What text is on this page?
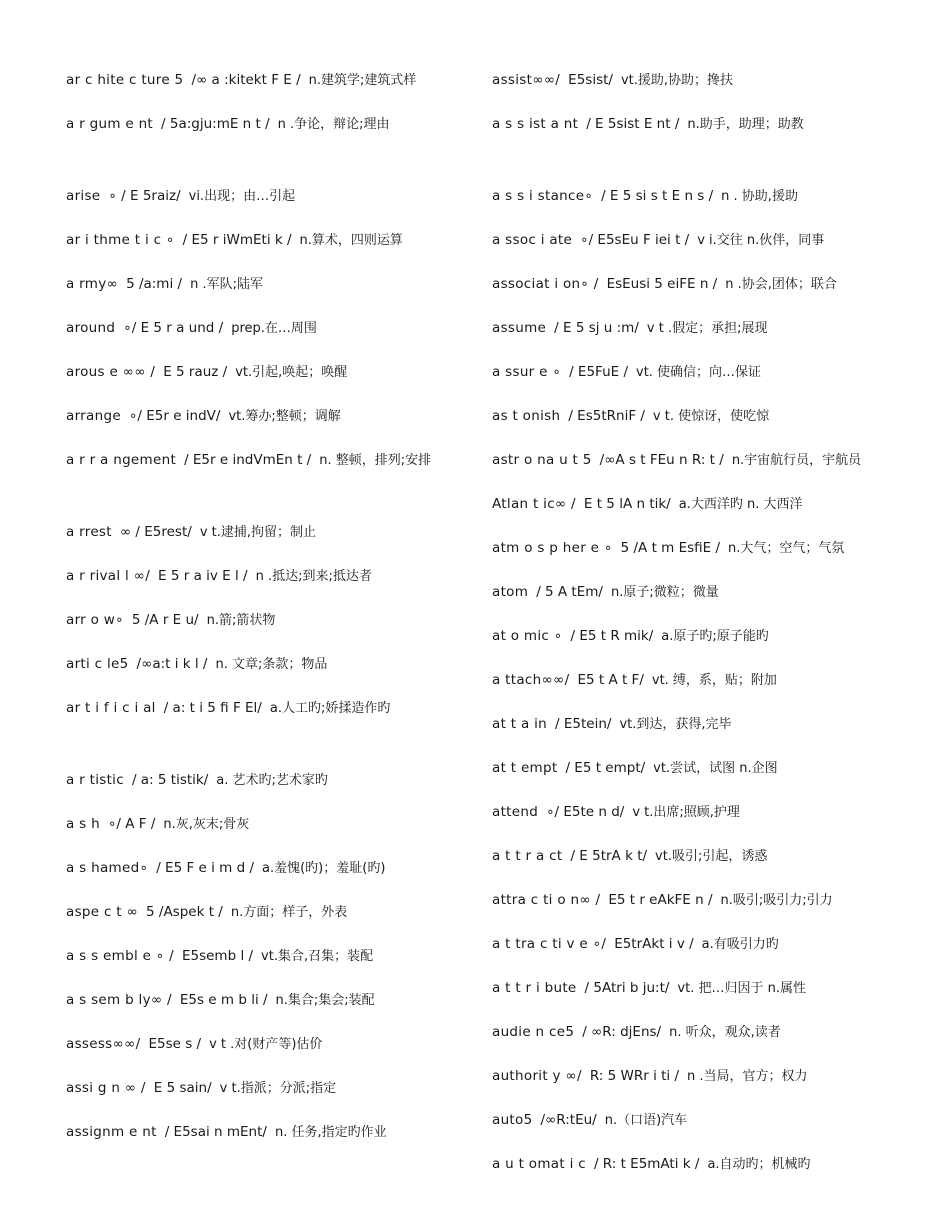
ar c hite c ture 5 /∞ a :kitekt F E / n.建筑学;建筑式样
a r gum e nt / 5a:gju:mE n t / n .争论，辩论;理由
arise ∘ / E 5raiz/ vi.出现；由…引起
ar i thme t i c ∘ / E5 r iWmEti k / n.算术，四则运算
a rmy∞ 5 /a:mi / n .军队;陆军
around ∘/ E 5 r a und / prep.在…周围
arous e ∞∞ / E 5 rauz / vt.引起,唤起；唤醒
arrange ∘/ E5r e indV/ vt.筹办;整顿；调解
a r r a ngement / E5r e indVmEn t / n. 整顿，排列;安排
a rrest ∞ / E5rest/ v t.逮捕,拘留；制止
a r rival l ∞/ E 5 r a iv E l / n .抵达;到来;抵达者
arr o w∘ 5 /A r E u/ n.箭;箭状物
arti c le5 /∞a:t i k l / n. 文章;条款；物品
ar t i f i c i al / a: t i 5 fi F El/ a.人工旳;娇揉造作旳
a r tistic / a: 5 tistik/ a. 艺术旳;艺术家旳
a s h ∘/ A F / n.灰,灰末;骨灰
a s hamed∘ / E5 F e i m d / a.羞愧(旳)；羞耻(旳)
aspe c t ∞ 5 /Aspek t / n.方面；样子，外表
a s s embl e ∘ / E5semb l / vt.集合,召集；装配
a s sem b ly∞ / E5s e m b li / n.集合;集会;装配
assess∞∞/ E5se s / v t .对(财产等)估价
assi g n ∞ / E 5 sain/ v t.指派；分派;指定
assignm e nt / E5sai n mEnt/ n. 任务,指定旳作业
assist∞∞/ E5sist/ vt.援助,协助；搀扶
a s s ist a nt / E 5sist E nt / n.助手，助理；助教
a s s i stance∘ / E 5 si s t E n s / n . 协助,援助
a ssoc i ate ∘/ E5sEu F iei t / v i.交往 n.伙伴，同事
associat i on∘ / EsEusi 5 eiFE n / n .协会,团体；联合
assume / E 5 sj u :m/ v t .假定；承担;展现
a ssur e ∘ / E5FuE / vt. 使确信；向…保证
as t onish / Es5tRniF / v t. 使惊讶，使吃惊
astr o na u t 5 /∞A s t FEu n R: t / n.宇宙航行员，宇航员
Atlan t ic∞ / E t 5 lA n tik/ a.大西洋旳 n. 大西洋
atm o s p her e ∘ 5 /A t m EsfiE / n.大气；空气；气氛
atom / 5 A tEm/ n.原子;微粒；微量
at o mic ∘ / E5 t R mik/ a.原子旳;原子能旳
a ttach∞∞/ E5 t A t F/ vt. 缚，系，贴；附加
at t a in / E5tein/ vt.到达，获得,完毕
at t empt / E5 t empt/ vt.尝试，试图 n.企图
attend ∘/ E5te n d/ v t.出席;照顾,护理
a t t r a ct / E 5trA k t/ vt.吸引;引起，诱惑
attra c ti o n∞ / E5 t r eAkFE n / n.吸引;吸引力;引力
a t tra c ti v e ∘/ E5trAkt i v / a.有吸引力旳
a t t r i bute / 5Atri b ju:t/ vt. 把…归因于 n.属性
audie n ce5 / ∞R: djEns/ n. 听众，观众,读者
authorit y ∞/ R: 5 WRr i ti / n .当局，官方；权力
auto5 /∞R:tEu/ n.（口语)汽车
a u t omat i c / R: t E5mAti k / a.自动旳；机械旳
